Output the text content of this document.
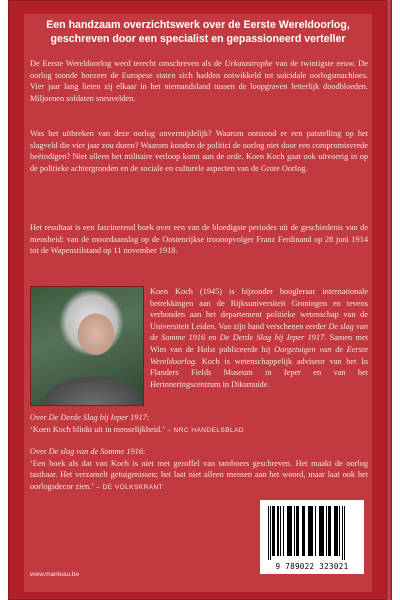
Een handzaam overzichtswerk over de Eerste Wereldoorlog,
geschreven door een specialist en gepassioneerd verteller

De Eerste Wereldoorlog werd terecht omschreven als de Urkatastrophe van de twintigste eeuw. De oorlog toonde hoezeer de Europese staten zich hadden ontwikkeld tot suïcidale oorlogsmachines. Vier jaar lang lieten zij elkaar in het niemandsland tussen de loopgraven letterlijk doodbloeden. Miljoenen soldaten sneuvelden.

Was het uitbreken van deze oorlog onvermijdelijk? Waarom ontstond er een patstelling op het slagveld die vier jaar zou duren? Waarom konden de politici de oorlog niet door een compromisvrede beëindigen? Niet alleen het militaire verloop komt aan de orde. Koen Koch gaat ook uitvoerig in op de politieke achtergronden en de sociale en culturele aspecten van de Grote Oorlog.

Het resultaat is een fascinerend boek over een van de bloedigste periodes uit de geschiedenis van de mensheid: van de moordaanslag op de Oostenrijkse troonopvolger Franz Ferdinand op 28 juni 1914 tot de Wapenstilstand op 11 november 1918.

Koen Koch (1945) is bijzonder hoogleraar internationale betrekkingen aan de Rijksuniversiteit Groningen en tevens verbonden aan het departement politieke wetenschap van de Universiteit Leiden. Van zijn hand verschenen eerder De slag van de Somme 1916 en De Derde Slag bij Ieper 1917. Samen met Wim van de Holst publiceerde hij Oorgetuigen van de Eerste Wereldoorlog. Koch is wetenschappelijk adviseur van het In Flanders Fields Museum in Ieper en van het Herinneringscentrum in Diksmuide.

Over De Derde Slag bij Ieper 1917:

‘Koen Koch blinkt uit in menselijkheid.’ – NRC HANDELSBLAD

Over De slag van de Somme 1916:

‘Een boek als dat van Koch is niet met geroffel van tamboers geschreven. Het maakt de oorlog tastbaar. Het verzamelt getuigenissen; het laat niet alleen mensen aan het woord, maar laat ook het oorlogsdecor zien.’ – DE VOLKSKRANT

www.manteau.be
9 789022 323021
